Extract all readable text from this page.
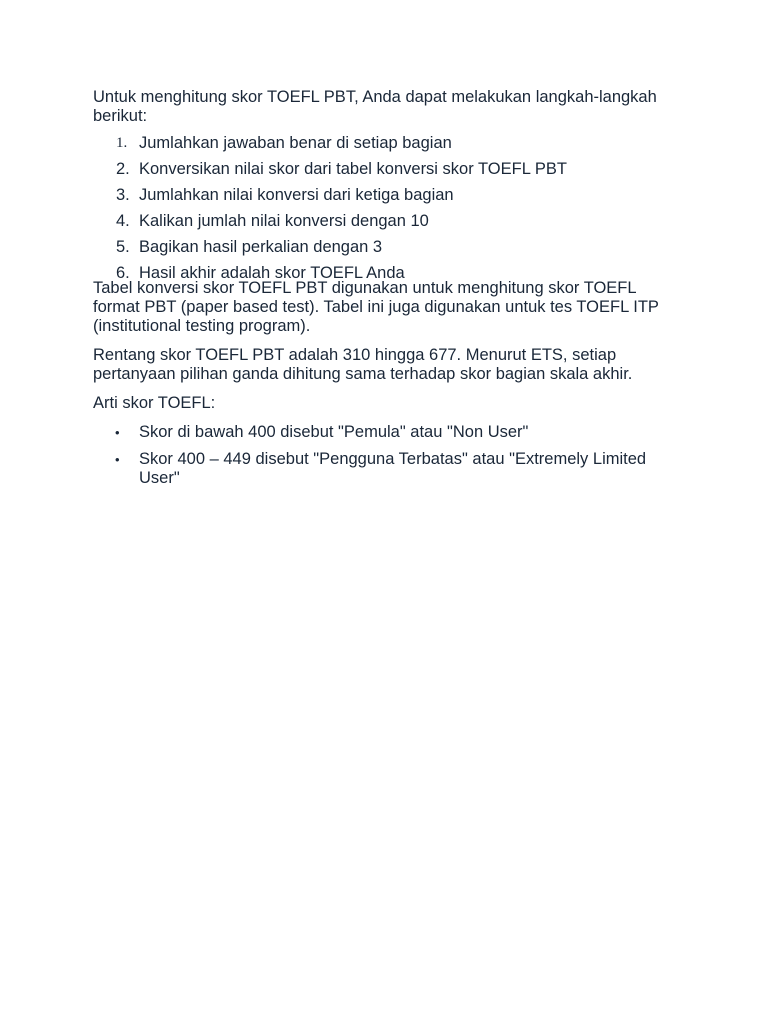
Untuk menghitung skor TOEFL PBT, Anda dapat melakukan langkah-langkah berikut:

1. Jumlahkan jawaban benar di setiap bagian
2. Konversikan nilai skor dari tabel konversi skor TOEFL PBT
3. Jumlahkan nilai konversi dari ketiga bagian
4. Kalikan jumlah nilai konversi dengan 10
5. Bagikan hasil perkalian dengan 3
6. Hasil akhir adalah skor TOEFL Anda

Tabel konversi skor TOEFL PBT digunakan untuk menghitung skor TOEFL format PBT (paper based test). Tabel ini juga digunakan untuk tes TOEFL ITP (institutional testing program).

Rentang skor TOEFL PBT adalah 310 hingga 677. Menurut ETS, setiap pertanyaan pilihan ganda dihitung sama terhadap skor bagian skala akhir.

Arti skor TOEFL:

• Skor di bawah 400 disebut "Pemula" atau "Non User"
• Skor 400 – 449 disebut "Pengguna Terbatas" atau "Extremely Limited User"
